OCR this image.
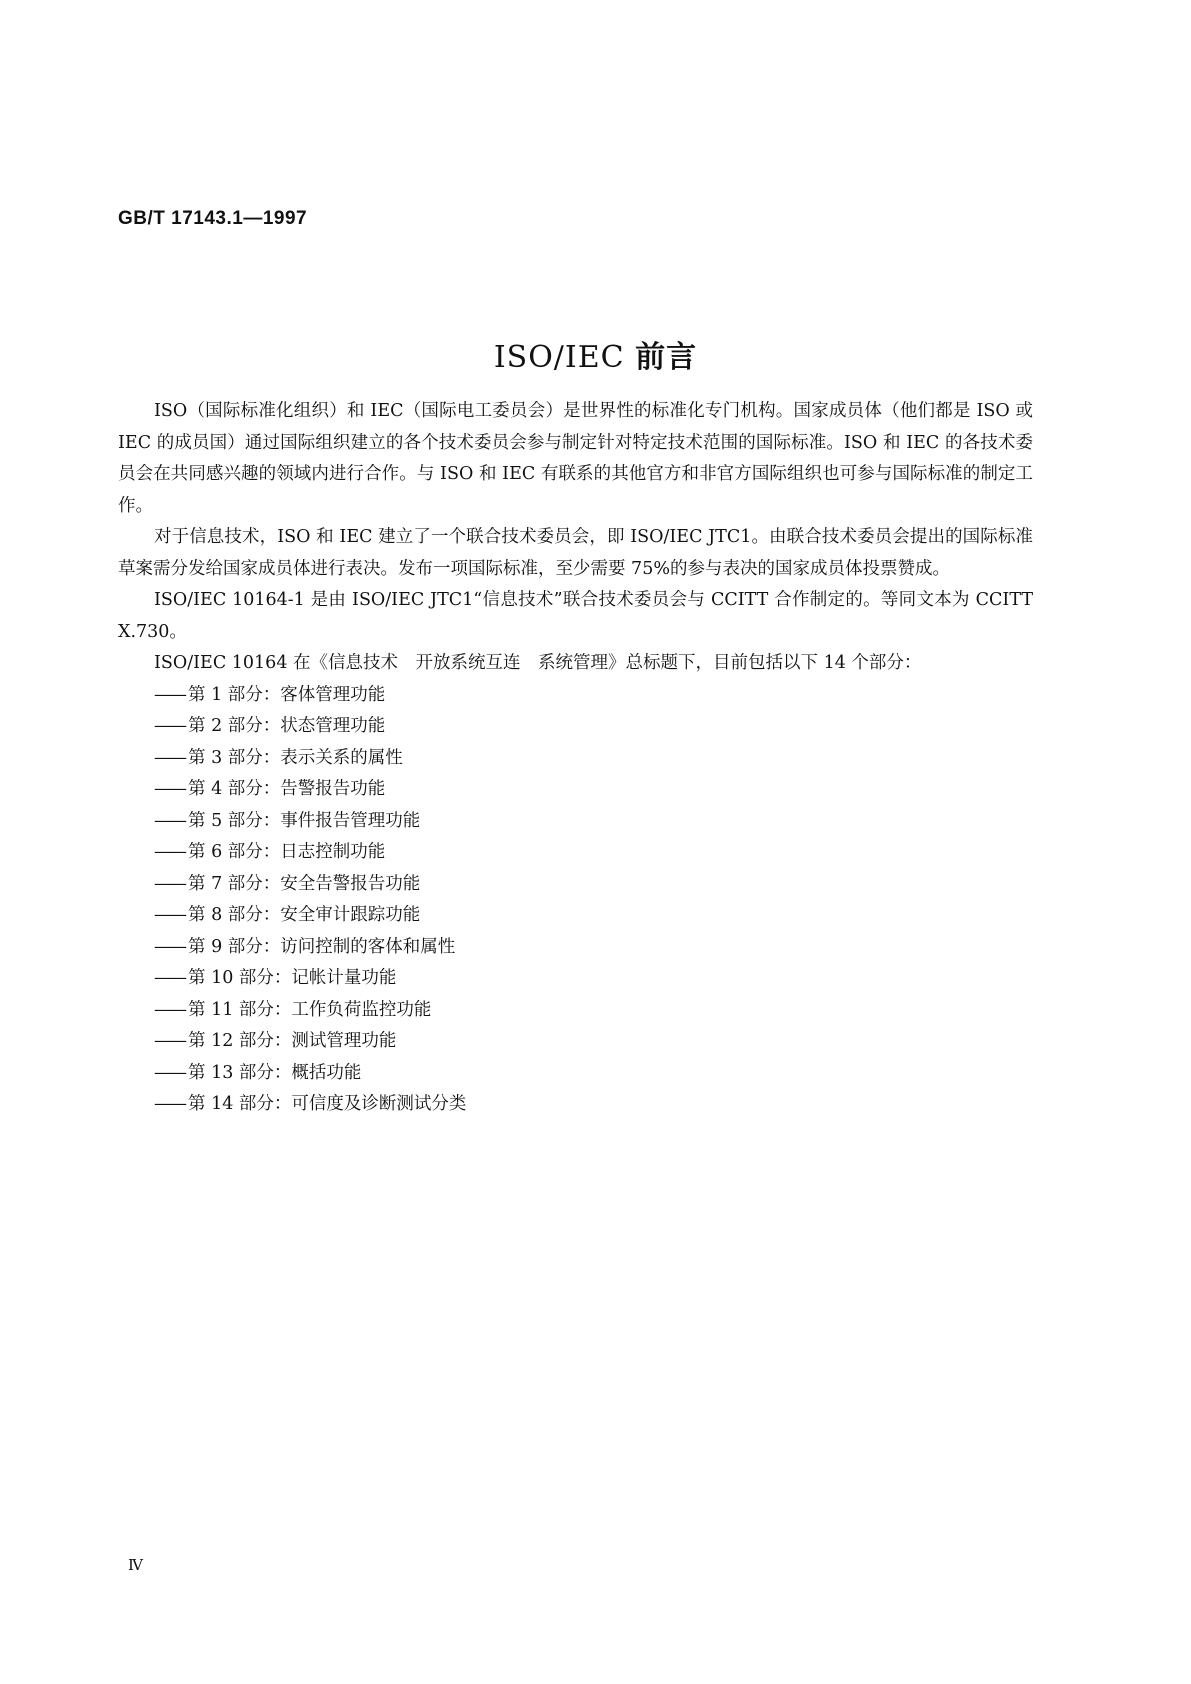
GB/T 17143.1—1997
ISO/IEC 前言

ISO（国际标准化组织）和 IEC（国际电工委员会）是世界性的标准化专门机构。国家成员体（他们都是 ISO 或 IEC 的成员国）通过国际组织建立的各个技术委员会参与制定针对特定技术范围的国际标准。ISO 和 IEC 的各技术委员会在共同感兴趣的领域内进行合作。与 ISO 和 IEC 有联系的其他官方和非官方国际组织也可参与国际标准的制定工作。

对于信息技术，ISO 和 IEC 建立了一个联合技术委员会，即 ISO/IEC JTC1。由联合技术委员会提出的国际标准草案需分发给国家成员体进行表决。发布一项国际标准，至少需要 75%的参与表决的国家成员体投票赞成。

ISO/IEC 10164-1 是由 ISO/IEC JTC1“信息技术”联合技术委员会与 CCITT 合作制定的。等同文本为 CCITT X.730。

ISO/IEC 10164 在《信息技术　开放系统互连　系统管理》总标题下，目前包括以下 14 个部分：

—— 第 1 部分：客体管理功能
—— 第 2 部分：状态管理功能
—— 第 3 部分：表示关系的属性
—— 第 4 部分：告警报告功能
—— 第 5 部分：事件报告管理功能
—— 第 6 部分：日志控制功能
—— 第 7 部分：安全告警报告功能
—— 第 8 部分：安全审计跟踪功能
—— 第 9 部分：访问控制的客体和属性
—— 第 10 部分：记帐计量功能
—— 第 11 部分：工作负荷监控功能
—— 第 12 部分：测试管理功能
—— 第 13 部分：概括功能
—— 第 14 部分：可信度及诊断测试分类
Ⅳ
